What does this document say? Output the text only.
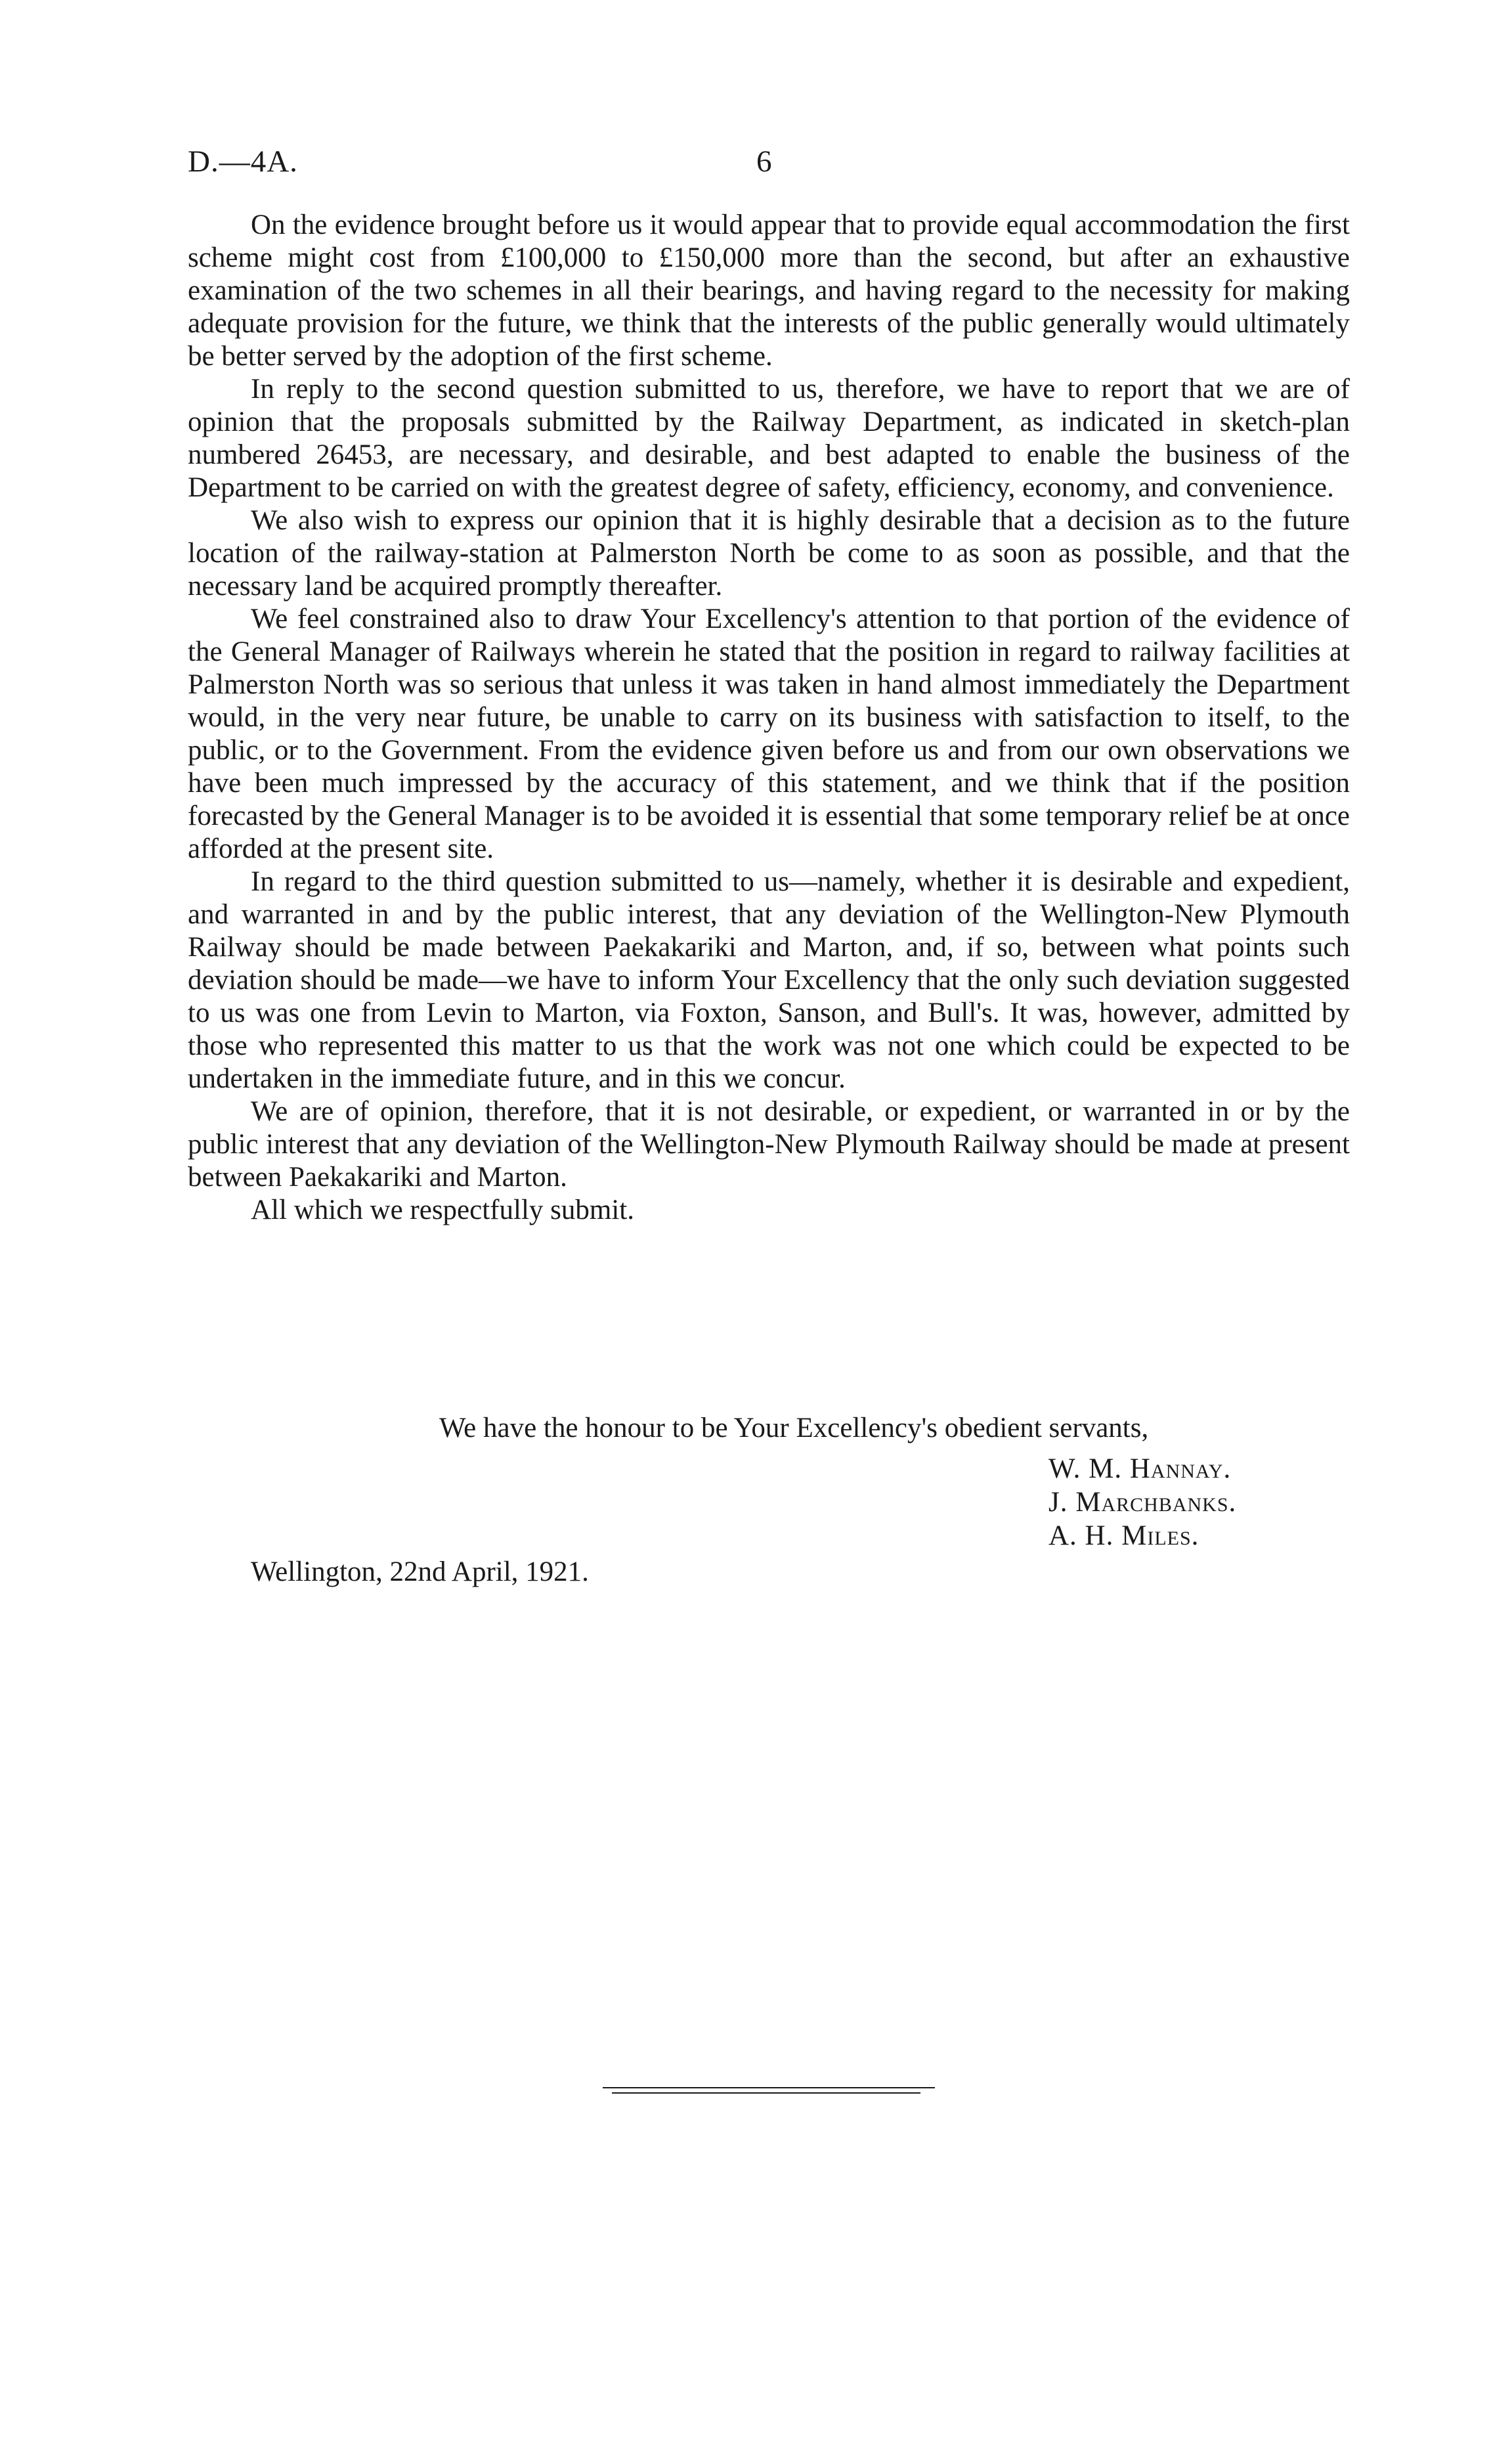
D.—4A.	6

On the evidence brought before us it would appear that to provide equal accommodation the first scheme might cost from £100,000 to £150,000 more than the second, but after an exhaustive examination of the two schemes in all their bearings, and having regard to the necessity for making adequate provision for the future, we think that the interests of the public generally would ultimately be better served by the adoption of the first scheme.

In reply to the second question submitted to us, therefore, we have to report that we are of opinion that the proposals submitted by the Railway Department, as indicated in sketch-plan numbered 26453, are necessary, and desirable, and best adapted to enable the business of the Department to be carried on with the greatest degree of safety, efficiency, economy, and convenience.

We also wish to express our opinion that it is highly desirable that a decision as to the future location of the railway-station at Palmerston North be come to as soon as possible, and that the necessary land be acquired promptly thereafter.

We feel constrained also to draw Your Excellency's attention to that portion of the evidence of the General Manager of Railways wherein he stated that the position in regard to railway facilities at Palmerston North was so serious that unless it was taken in hand almost immediately the Department would, in the very near future, be unable to carry on its business with satisfaction to itself, to the public, or to the Government. From the evidence given before us and from our own observations we have been much impressed by the accuracy of this statement, and we think that if the position forecasted by the General Manager is to be avoided it is essential that some temporary relief be at once afforded at the present site.

In regard to the third question submitted to us—namely, whether it is desirable and expedient, and warranted in and by the public interest, that any deviation of the Wellington-New Plymouth Railway should be made between Paekakariki and Marton, and, if so, between what points such deviation should be made—we have to inform Your Excellency that the only such deviation suggested to us was one from Levin to Marton, via Foxton, Sanson, and Bull's. It was, however, admitted by those who represented this matter to us that the work was not one which could be expected to be undertaken in the immediate future, and in this we concur.

We are of opinion, therefore, that it is not desirable, or expedient, or warranted in or by the public interest that any deviation of the Wellington-New Plymouth Railway should be made at present between Paekakariki and Marton.

All which we respectfully submit.

We have the honour to be Your Excellency's obedient servants,
W. M. Hannay.
J. Marchbanks.
A. H. Miles.
Wellington, 22nd April, 1921.
